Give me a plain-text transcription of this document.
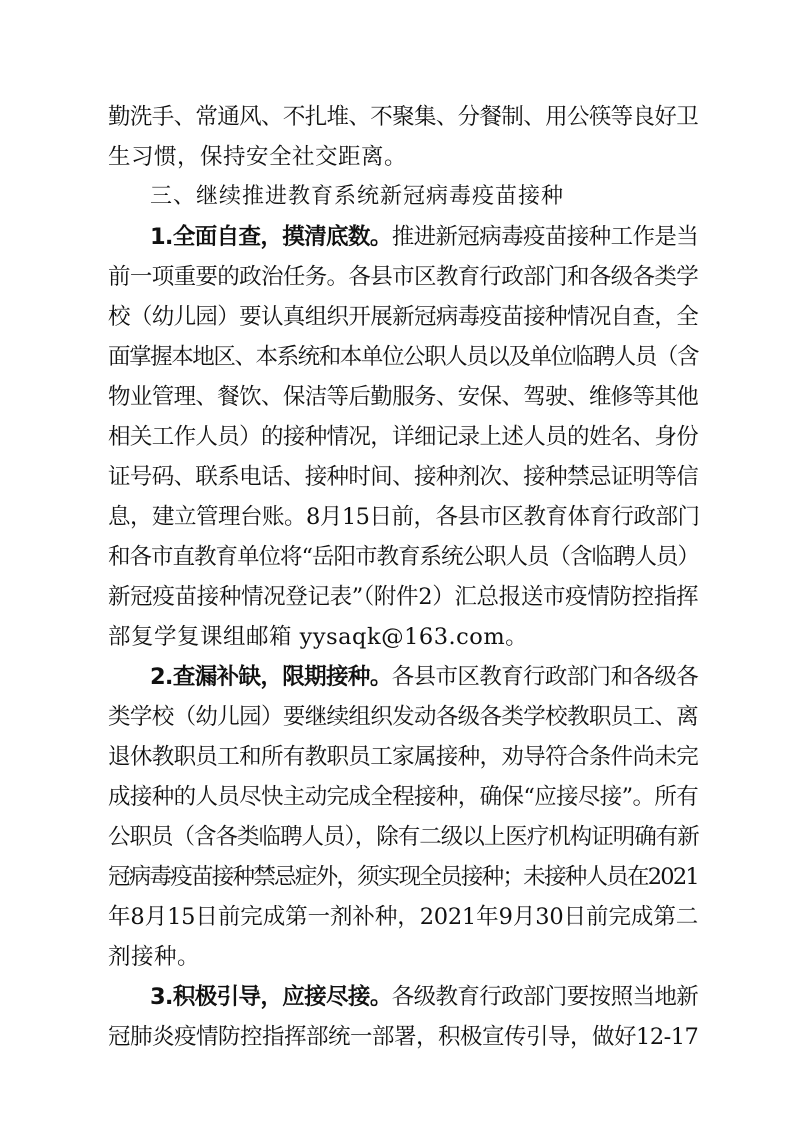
勤洗手、常通风、不扎堆、不聚集、分餐制、用公筷等良好卫
生习惯，保持安全社交距离。
三、继续推进教育系统新冠病毒疫苗接种
1.全面自查，摸清底数。推进新冠病毒疫苗接种工作是当
前一项重要的政治任务。各县市区教育行政部门和各级各类学
校（幼儿园）要认真组织开展新冠病毒疫苗接种情况自查，全
面掌握本地区、本系统和本单位公职人员以及单位临聘人员（含
物业管理、餐饮、保洁等后勤服务、安保、驾驶、维修等其他
相关工作人员）的接种情况，详细记录上述人员的姓名、身份
证号码、联系电话、接种时间、接种剂次、接种禁忌证明等信
息，建立管理台账。8月15日前，各县市区教育体育行政部门
和各市直教育单位将“岳阳市教育系统公职人员（含临聘人员）
新冠疫苗接种情况登记表”（附件2）汇总报送市疫情防控指挥
部复学复课组邮箱 yysaqk@163.com。
2.查漏补缺，限期接种。各县市区教育行政部门和各级各
类学校（幼儿园）要继续组织发动各级各类学校教职员工、离
退休教职员工和所有教职员工家属接种，劝导符合条件尚未完
成接种的人员尽快主动完成全程接种，确保“应接尽接”。所有
公职员（含各类临聘人员），除有二级以上医疗机构证明确有新
冠病毒疫苗接种禁忌症外，须实现全员接种；未接种人员在2021
年8月15日前完成第一剂补种，2021年9月30日前完成第二
剂接种。
3.积极引导，应接尽接。各级教育行政部门要按照当地新
冠肺炎疫情防控指挥部统一部署，积极宣传引导，做好12-17
